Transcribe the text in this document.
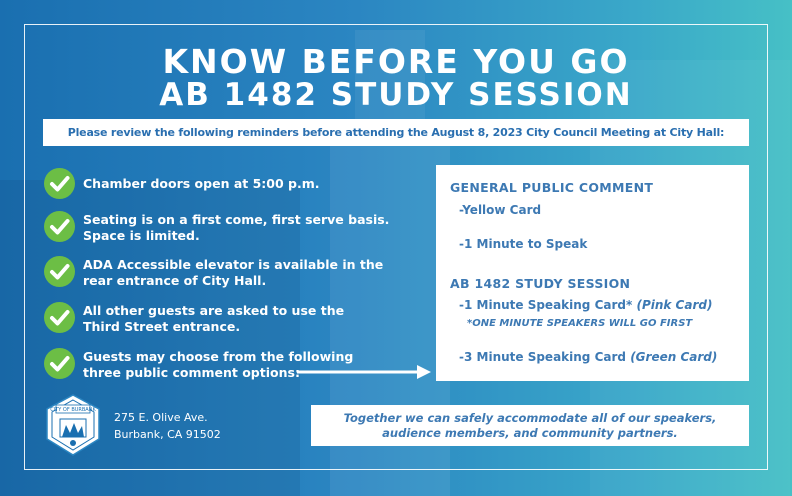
KNOW BEFORE YOU GO
AB 1482 STUDY SESSION
Please review the following reminders before attending the August 8, 2023 City Council Meeting at City Hall:
Chamber doors open at 5:00 p.m.
Seating is on a first come, first serve basis.
Space is limited.
ADA Accessible elevator is available in the
rear entrance of City Hall.
All other guests are asked to use the
Third Street entrance.
Guests may choose from the following
three public comment options:
GENERAL PUBLIC COMMENT
-Yellow Card
-1 Minute to Speak
AB 1482 STUDY SESSION
-1 Minute Speaking Card* (Pink Card)
*ONE MINUTE SPEAKERS WILL GO FIRST
-3 Minute Speaking Card (Green Card)
CITY OF BURBANK
275 E. Olive Ave.
Burbank, CA 91502
Together we can safely accommodate all of our speakers,
audience members, and community partners.
